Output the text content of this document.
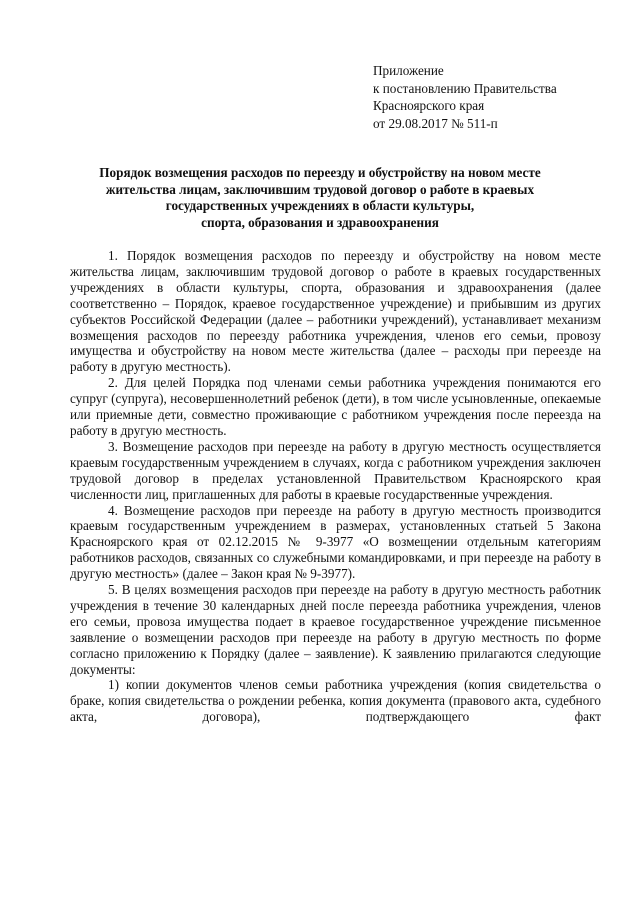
Приложение
к постановлению Правительства
Красноярского края
от 29.08.2017 № 511-п
Порядок возмещения расходов по переезду и обустройству на новом месте
жительства лицам, заключившим трудовой договор о работе в краевых
государственных учреждениях в области культуры,
спорта, образования и здравоохранения

1. Порядок возмещения расходов по переезду и обустройству на новом месте жительства лицам, заключившим трудовой договор о работе в краевых государственных учреждениях в области культуры, спорта, образования и здравоохранения (далее соответственно – Порядок, краевое государственное учреждение) и прибывшим из других субъектов Российской Федерации (далее – работники учреждений), устанавливает механизм возмещения расходов по переезду работника учреждения, членов его семьи, провозу имущества и обустройству на новом месте жительства (далее – расходы при переезде на работу в другую местность).

2. Для целей Порядка под членами семьи работника учреждения понимаются его супруг (супруга), несовершеннолетний ребенок (дети), в том числе усыновленные, опекаемые или приемные дети, совместно проживающие с работником учреждения после переезда на работу в другую местность.

3. Возмещение расходов при переезде на работу в другую местность осуществляется краевым государственным учреждением в случаях, когда с работником учреждения заключен трудовой договор в пределах установленной Правительством Красноярского края численности лиц, приглашенных для работы в краевые государственные учреждения.

4. Возмещение расходов при переезде на работу в другую местность производится краевым государственным учреждением в размерах, установленных статьей 5 Закона Красноярского края от 02.12.2015 № 9-3977 «О возмещении отдельным категориям работников расходов, связанных со служебными командировками, и при переезде на работу в другую местность» (далее – Закон края № 9-3977).

5. В целях возмещения расходов при переезде на работу в другую местность работник учреждения в течение 30 календарных дней после переезда работника учреждения, членов его семьи, провоза имущества подает в краевое государственное учреждение письменное заявление о возмещении расходов при переезде на работу в другую местность по форме согласно приложению к Порядку (далее – заявление). К заявлению прилагаются следующие документы:

1) копии документов членов семьи работника учреждения (копия свидетельства о браке, копия свидетельства о рождении ребенка, копия документа (правового акта, судебного акта, договора), подтверждающего факт
